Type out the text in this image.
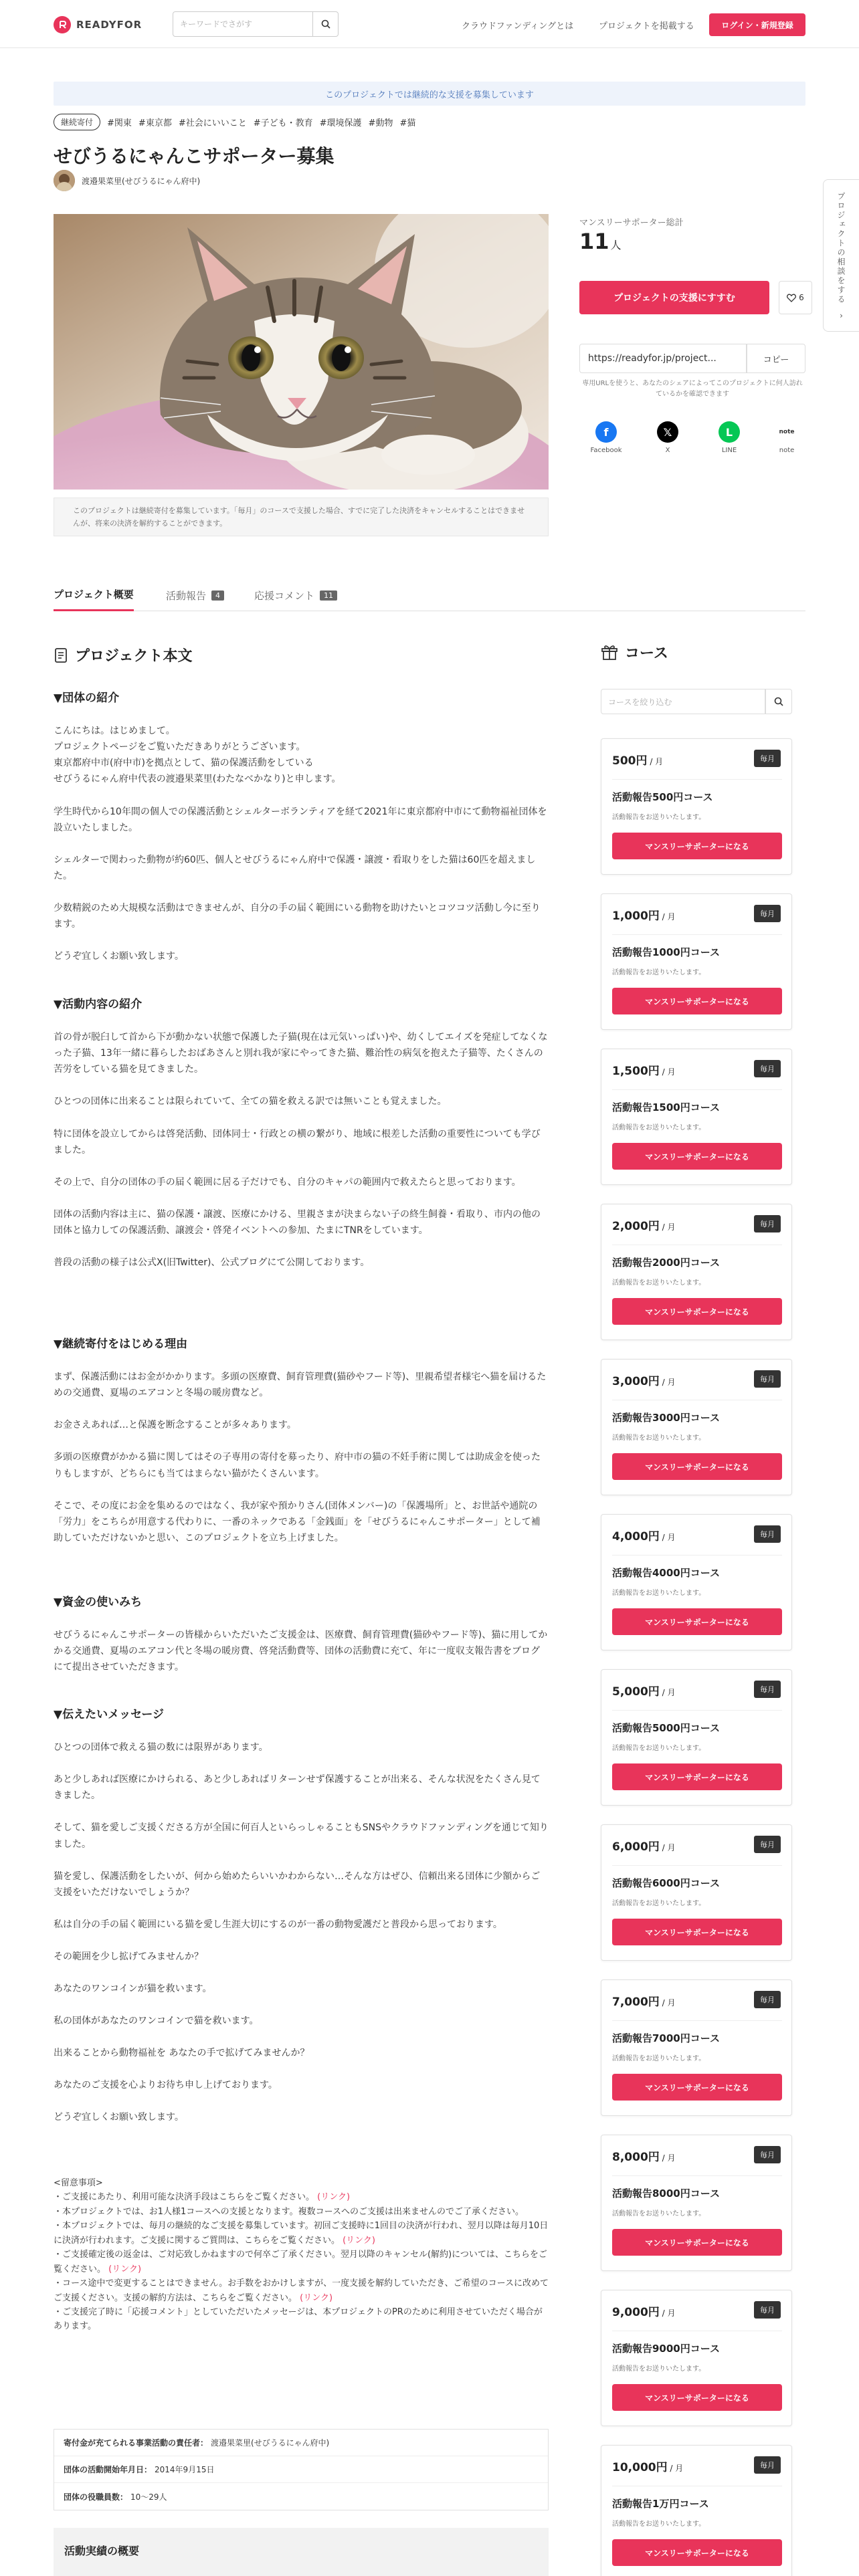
READYFOR
キーワードでさがす	クラウドファンディングとは	プロジェクトを掲載する	ログイン・新規登録
プロジェクトの相談をする
›
このプロジェクトでは継続的な支援を募集しています
継続寄付	#関東 #東京都 #社会にいいこと #子ども・教育 #環境保護 #動物 #猫
せびうるにゃんこサポーター募集
渡邉果菜里(せびうるにゃん府中)
このプロジェクトは継続寄付を募集しています。「毎月」のコースで支援した場合、すでに完了した決済をキャンセルすることはできませんが、将来の決済を解約することができます。
マンスリーサポーター総計
11 人
プロジェクトの支援にすすむ	6
https://readyfor.jp/project...	コピー
専用URLを使うと、あなたのシェアによってこのプロジェクトに何人訪れているかを確認できます
f
Facebook
𝕏
X
L
LINE
note
note
プロジェクト概要	活動報告	4	応援コメント	11
プロジェクト本文

▼団体の紹介

こんにちは。はじめまして。
プロジェクトページをご覧いただきありがとうございます。
東京都府中市(府中市)を拠点として、猫の保護活動をしている
せびうるにゃん府中代表の渡邉果菜里(わたなべかなり)と申します。

学生時代から10年間の個人での保護活動とシェルターボランティアを経て2021年に東京都府中市にて動物福祉団体を設立いたしました。

シェルターで関わった動物が約60匹、個人とせびうるにゃん府中で保護・譲渡・看取りをした猫は60匹を超えました。

少数精鋭のため大規模な活動はできませんが、自分の手の届く範囲にいる動物を助けたいとコツコツ活動し今に至ります。

どうぞ宜しくお願い致します。

▼活動内容の紹介

首の骨が脱臼して首から下が動かない状態で保護した子猫(現在は元気いっぱい)や、幼くしてエイズを発症してなくなった子猫、13年一緒に暮らしたおばあさんと別れ我が家にやってきた猫、難治性の病気を抱えた子猫等、たくさんの苦労をしている猫を見てきました。

ひとつの団体に出来ることは限られていて、全ての猫を救える訳では無いことも覚えました。

特に団体を設立してからは啓発活動、団体同士・行政との横の繋がり、地域に根差した活動の重要性についても学びました。

その上で、自分の団体の手の届く範囲に居る子だけでも、自分のキャパの範囲内で救えたらと思っております。

団体の活動内容は主に、猫の保護・譲渡、医療にかける、里親さまが決まらない子の終生飼養・看取り、市内の他の団体と協力しての保護活動、譲渡会・啓発イベントへの参加、たまにTNRをしています。

普段の活動の様子は公式X(旧Twitter)、公式ブログにて公開しております。

▼継続寄付をはじめる理由

まず、保護活動にはお金がかかります。多頭の医療費、飼育管理費(猫砂やフード等)、里親希望者様宅へ猫を届けるための交通費、夏場のエアコンと冬場の暖房費など。

お金さえあれば…と保護を断念することが多々あります。

多頭の医療費がかかる猫に関してはその子専用の寄付を募ったり、府中市の猫の不妊手術に関しては助成金を使ったりもしますが、どちらにも当てはまらない猫がたくさんいます。

そこで、その度にお金を集めるのではなく、我が家や預かりさん(団体メンバー)の「保護場所」と、お世話や通院の「労力」をこちらが用意する代わりに、一番のネックである「金銭面」を「せびうるにゃんこサポーター」として補助していただけないかと思い、このプロジェクトを立ち上げました。

▼資金の使いみち

せびうるにゃんこサポーターの皆様からいただいたご支援金は、医療費、飼育管理費(猫砂やフード等)、猫に用してかかる交通費、夏場のエアコン代と冬場の暖房費、啓発活動費等、団体の活動費に充て、年に一度収支報告書をブログにて提出させていただきます。

▼伝えたいメッセージ

ひとつの団体で救える猫の数には限界があります。

あと少しあれば医療にかけられる、あと少しあればリターンせず保護することが出来る、そんな状況をたくさん見てきました。

そして、猫を愛しご支援くださる方が全国に何百人といらっしゃることもSNSやクラウドファンディングを通じて知りました。

猫を愛し、保護活動をしたいが、何から始めたらいいかわからない…そんな方はぜひ、信頼出来る団体に少額からご支援をいただけないでしょうか？

私は自分の手の届く範囲にいる猫を愛し生涯大切にするのが一番の動物愛護だと普段から思っております。

その範囲を少し拡げてみませんか？

あなたのワンコインが猫を救います。

私の団体があなたのワンコインで猫を救います。

出来ることから動物福祉を あなたの手で拡げてみませんか？

あなたのご支援を心よりお待ち申し上げております。

どうぞ宜しくお願い致します。

<留意事項>

・ご支援にあたり、利用可能な決済手段はこちらをご覧ください。 (リンク)

・本プロジェクトでは、お1人様1コースへの支援となります。複数コースへのご支援は出来ませんのでご了承ください。

・本プロジェクトでは、毎月の継続的なご支援を募集しています。初回ご支援時に1回目の決済が行われ、翌月以降は毎月10日に決済が行われます。ご支援に関するご質問は、こちらをご覧ください。 (リンク)

・ご支援確定後の返金は、ご対応致しかねますので何卒ご了承ください。翌月以降のキャンセル(解約)については、こちらをご覧ください。 (リンク)

・コース途中で変更することはできません。お手数をおかけしますが、一度支援を解約していただき、ご希望のコースに改めてご支援ください。支援の解約方法は、こちらをご覧ください。 (リンク)

・ご支援完了時に「応援コメント」としていただいたメッセージは、本プロジェクトのPRのために利用させていただく場合があります。

寄付金が充てられる事業活動の責任者： 渡邉果菜里(せびうるにゃん府中)
団体の活動開始年月日： 2014年9月15日
団体の役職員数： 10〜29人
活動実績の概要
コース
コースを絞り込む
500円 / 月	毎月
活動報告500円コース
活動報告をお送りいたします。
マンスリーサポーターになる
1,000円 / 月	毎月
活動報告1000円コース
活動報告をお送りいたします。
マンスリーサポーターになる
1,500円 / 月	毎月
活動報告1500円コース
活動報告をお送りいたします。
マンスリーサポーターになる
2,000円 / 月	毎月
活動報告2000円コース
活動報告をお送りいたします。
マンスリーサポーターになる
3,000円 / 月	毎月
活動報告3000円コース
活動報告をお送りいたします。
マンスリーサポーターになる
4,000円 / 月	毎月
活動報告4000円コース
活動報告をお送りいたします。
マンスリーサポーターになる
5,000円 / 月	毎月
活動報告5000円コース
活動報告をお送りいたします。
マンスリーサポーターになる
6,000円 / 月	毎月
活動報告6000円コース
活動報告をお送りいたします。
マンスリーサポーターになる
7,000円 / 月	毎月
活動報告7000円コース
活動報告をお送りいたします。
マンスリーサポーターになる
8,000円 / 月	毎月
活動報告8000円コース
活動報告をお送りいたします。
マンスリーサポーターになる
9,000円 / 月	毎月
活動報告9000円コース
活動報告をお送りいたします。
マンスリーサポーターになる
10,000円 / 月	毎月
活動報告1万円コース
活動報告をお送りいたします。
マンスリーサポーターになる
